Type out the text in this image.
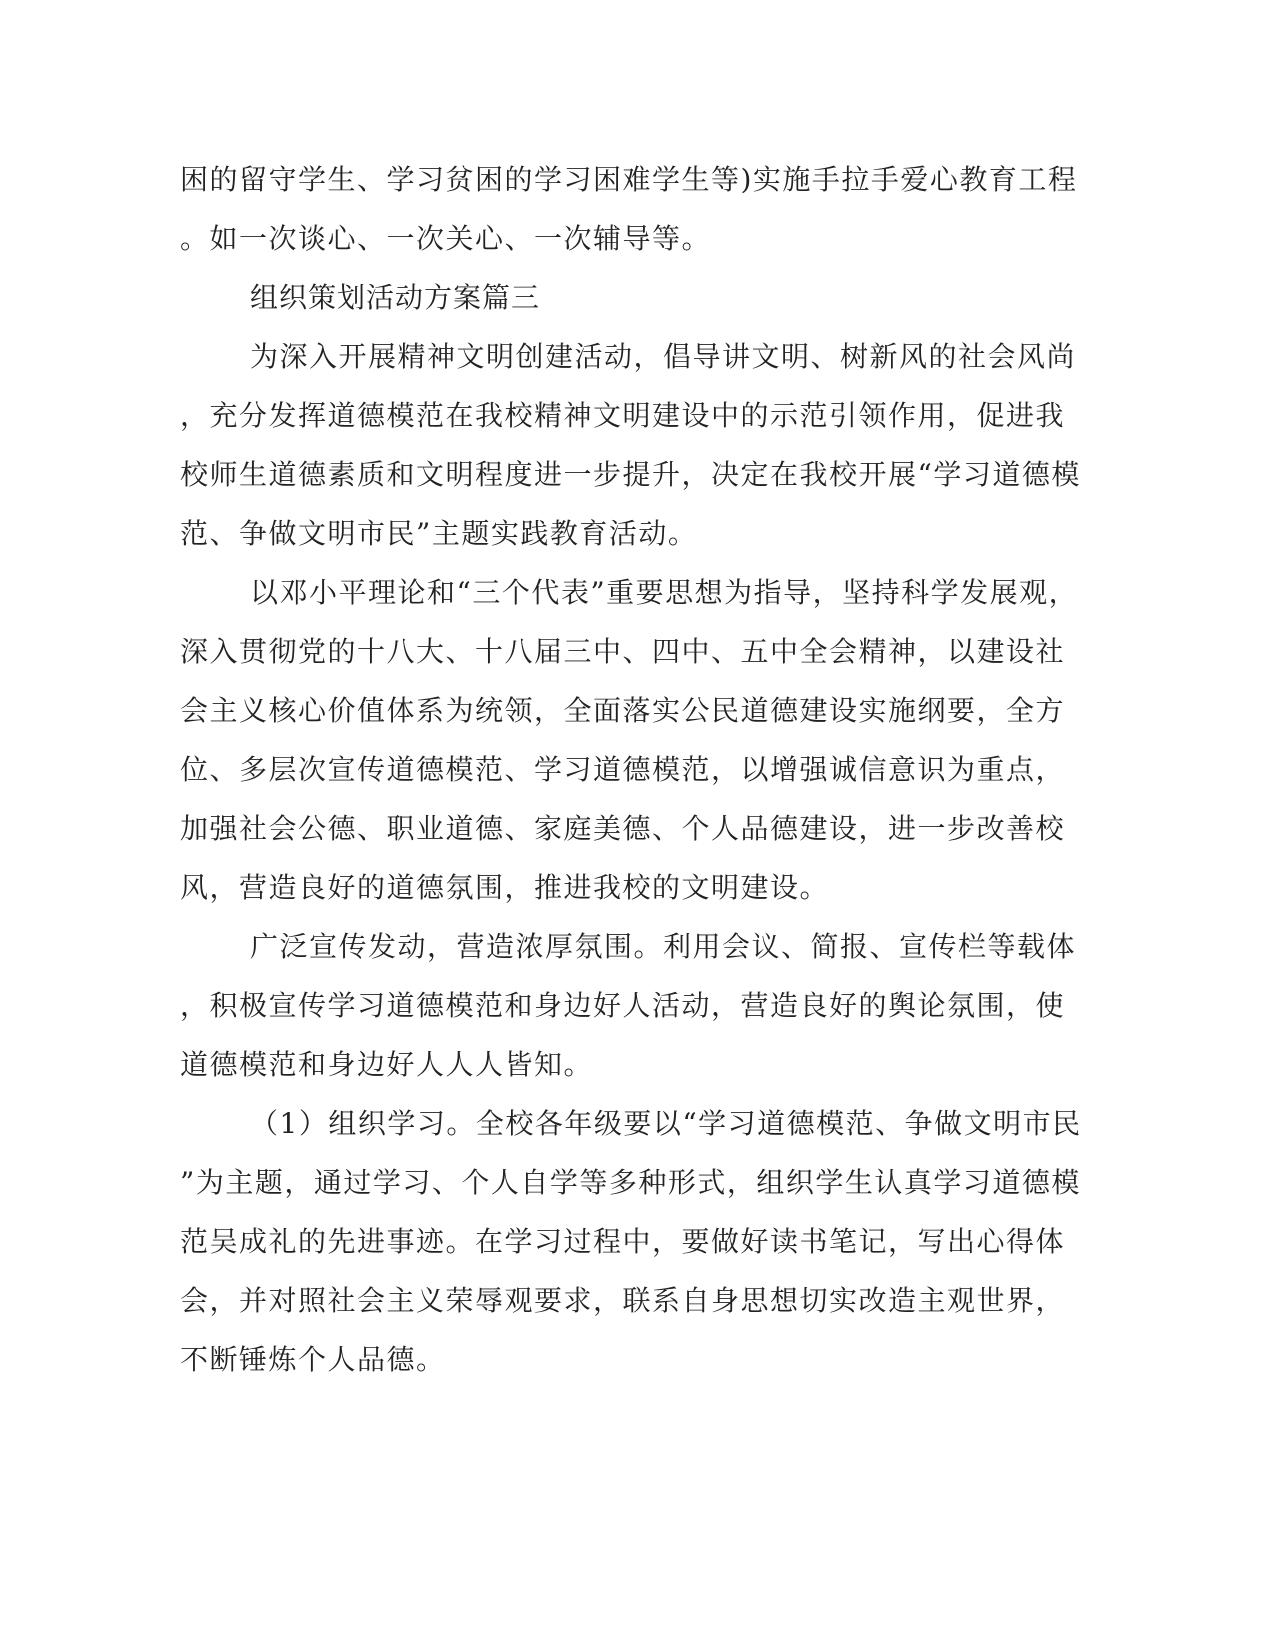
困的留守学生、学习贫困的学习困难学生等)实施手拉手爱心教育工程
。如一次谈心、一次关心、一次辅导等。
组织策划活动方案篇三
为深入开展精神文明创建活动，倡导讲文明、树新风的社会风尚
，充分发挥道德模范在我校精神文明建设中的示范引领作用，促进我
校师生道德素质和文明程度进一步提升，决定在我校开展“学习道德模
范、争做文明市民”主题实践教育活动。
以邓小平理论和“三个代表”重要思想为指导，坚持科学发展观，
深入贯彻党的十八大、十八届三中、四中、五中全会精神，以建设社
会主义核心价值体系为统领，全面落实公民道德建设实施纲要，全方
位、多层次宣传道德模范、学习道德模范，以增强诚信意识为重点，
加强社会公德、职业道德、家庭美德、个人品德建设，进一步改善校
风，营造良好的道德氛围，推进我校的文明建设。
广泛宣传发动，营造浓厚氛围。利用会议、简报、宣传栏等载体
，积极宣传学习道德模范和身边好人活动，营造良好的舆论氛围，使
道德模范和身边好人人人皆知。
（1）组织学习。全校各年级要以“学习道德模范、争做文明市民
”为主题，通过学习、个人自学等多种形式，组织学生认真学习道德模
范吴成礼的先进事迹。在学习过程中，要做好读书笔记，写出心得体
会，并对照社会主义荣辱观要求，联系自身思想切实改造主观世界，
不断锤炼个人品德。
